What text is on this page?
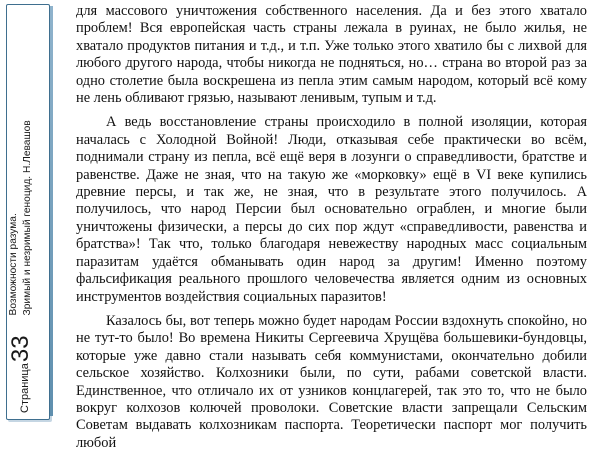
Страница
33
Возможности разума. Зримый и незримый геноцид. Н.Левашов

для массового уничтожения собственного населения. Да и без этого хватало проблем! Вся европейская часть страны лежала в руинах, не было жилья, не хватало продуктов питания и т.д., и т.п. Уже только этого хватило бы с лихвой для любого другого народа, чтобы никогда не подняться, но… страна во второй раз за одно столетие была воскрешена из пепла этим самым народом, который всё кому не лень обливают грязью, называют ленивым, тупым и т.д.

А ведь восстановление страны происходило в полной изоляции, которая началась с Холодной Войной! Люди, отказывая себе практически во всём, поднимали страну из пепла, всё ещё веря в лозунги о справедливости, братстве и равенстве. Даже не зная, что на такую же «морковку» ещё в VI веке купились древние персы, и так же, не зная, что в результате этого получилось. А получилось, что народ Персии был основательно ограблен, и многие были уничтожены физически, а персы до сих пор ждут «справедливости, равенства и братства»! Так что, только благодаря невежеству народных масс социальным паразитам удаётся обманывать один народ за другим! Именно поэтому фальсификация реального прошлого человечества является одним из основных инструментов воздействия социальных паразитов!

Казалось бы, вот теперь можно будет народам России вздохнуть спокойно, но не тут-то было! Во времена Никиты Сергеевича Хрущёва большевики-бундовцы, которые уже давно стали называть себя коммунистами, окончательно добили сельское хозяйство. Колхозники были, по сути, рабами советской власти. Единственное, что отличало их от узников концлагерей, так это то, что не было вокруг колхозов колючей проволоки. Советские власти запрещали Сельским Советам выдавать колхозникам паспорта. Теоретически паспорт мог получить любой
